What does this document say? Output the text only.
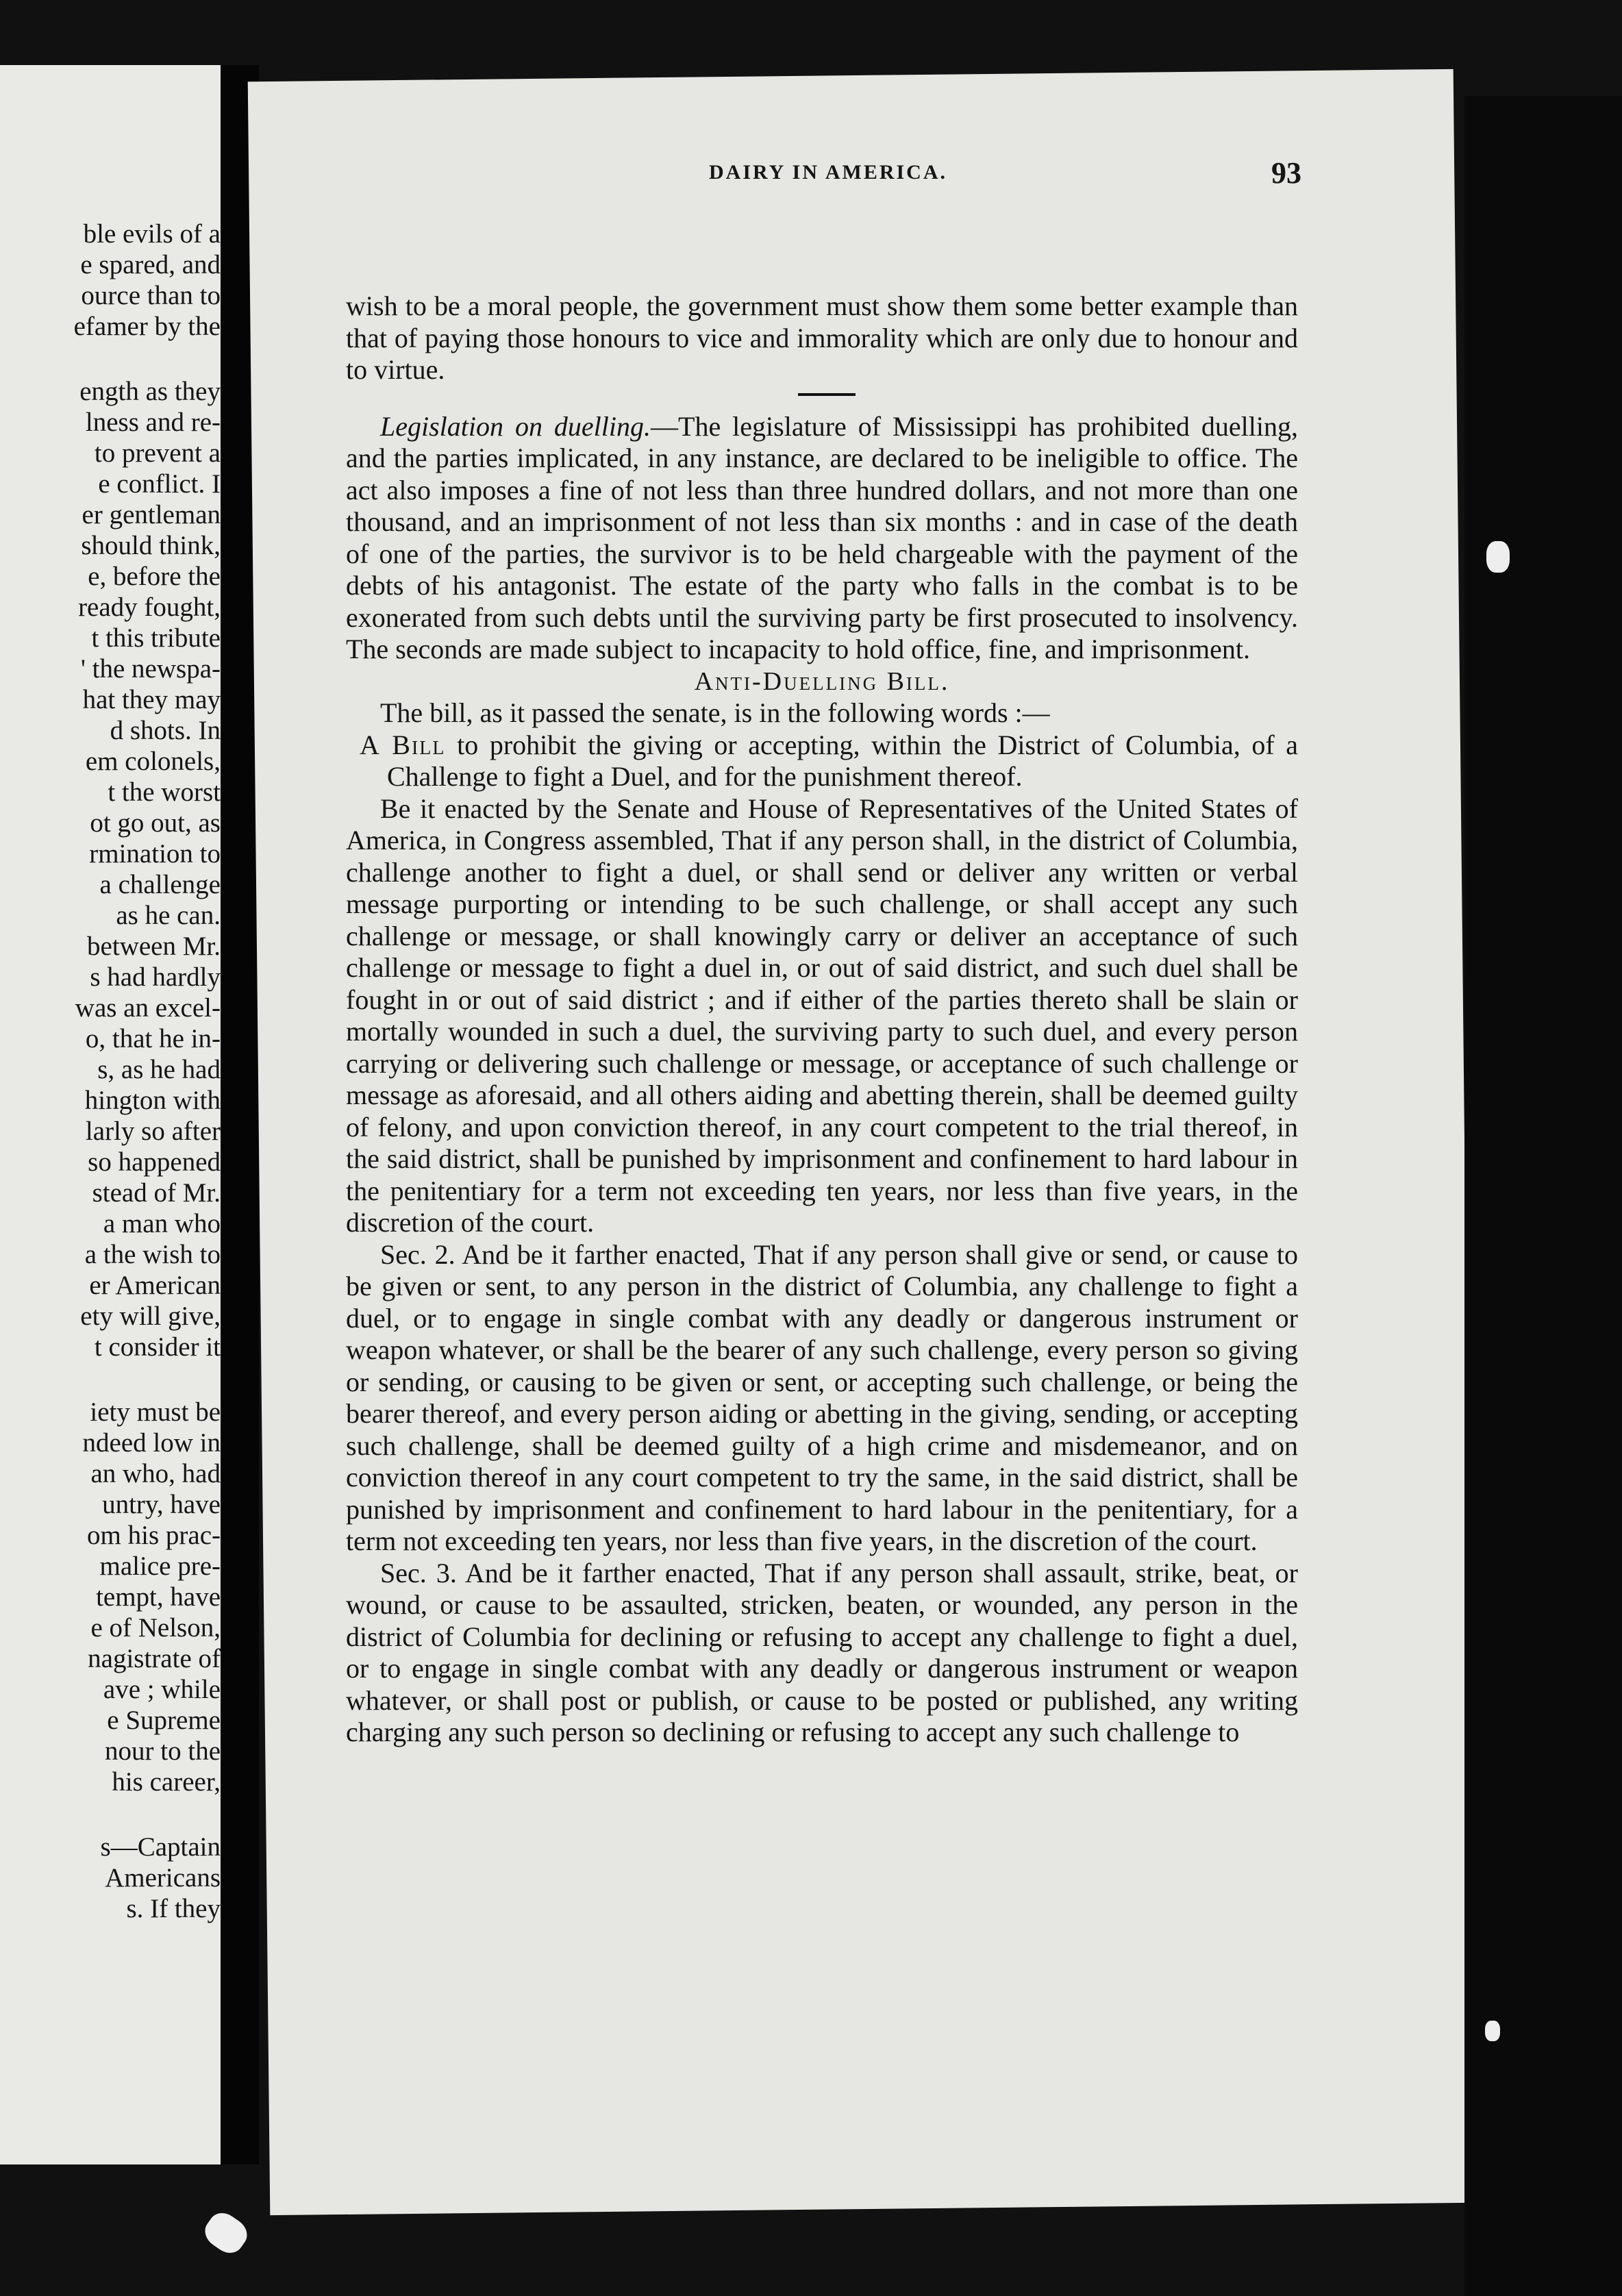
ble evils of a
e spared, and
ource than to
efamer by the
ength as they
lness and re-
to prevent a
e conflict. I
er gentleman
should think,
e, before the
ready fought,
t this tribute
' the newspa-
hat they may
d shots. In
em colonels,
t the worst
ot go out, as
rmination to
a challenge
as he can.
between Mr.
s had hardly
was an excel-
o, that he in-
s, as he had
hington with
larly so after
so happened
stead of Mr.
a man who
a the wish to
er American
ety will give,
t consider it
iety must be
ndeed low in
an who, had
untry, have
om his prac-
malice pre-
tempt, have
e of Nelson,
nagistrate of
ave ; while
e Supreme
nour to the
his career,
s—Captain
Americans
s. If they
DAIRY IN AMERICA.	93

wish to be a moral people, the government must show them some better example than that of paying those honours to vice and immorality which are only due to honour and to virtue.

Legislation on duelling.—The legislature of Mississippi has prohibited duelling, and the parties implicated, in any instance, are declared to be ineligible to office. The act also imposes a fine of not less than three hundred dollars, and not more than one thousand, and an imprisonment of not less than six months : and in case of the death of one of the parties, the survivor is to be held chargeable with the payment of the debts of his antagonist. The estate of the party who falls in the combat is to be exonerated from such debts until the surviving party be first prosecuted to insolvency. The seconds are made subject to incapacity to hold office, fine, and imprisonment.

Anti-Duelling Bill.

The bill, as it passed the senate, is in the following words :—

A Bill to prohibit the giving or accepting, within the District of Columbia, of a Challenge to fight a Duel, and for the punishment thereof.

Be it enacted by the Senate and House of Representatives of the United States of America, in Congress assembled, That if any person shall, in the district of Columbia, challenge another to fight a duel, or shall send or deliver any written or verbal message purporting or intending to be such challenge, or shall accept any such challenge or message, or shall knowingly carry or deliver an acceptance of such challenge or message to fight a duel in, or out of said district, and such duel shall be fought in or out of said district ; and if either of the parties thereto shall be slain or mortally wounded in such a duel, the surviving party to such duel, and every person carrying or delivering such challenge or message, or acceptance of such challenge or message as aforesaid, and all others aiding and abetting therein, shall be deemed guilty of felony, and upon conviction thereof, in any court competent to the trial thereof, in the said district, shall be punished by imprisonment and confinement to hard labour in the penitentiary for a term not exceeding ten years, nor less than five years, in the discretion of the court.

Sec. 2. And be it farther enacted, That if any person shall give or send, or cause to be given or sent, to any person in the district of Columbia, any challenge to fight a duel, or to engage in single combat with any deadly or dangerous instrument or weapon whatever, or shall be the bearer of any such challenge, every person so giving or sending, or causing to be given or sent, or accepting such challenge, or being the bearer thereof, and every person aiding or abetting in the giving, sending, or accepting such challenge, shall be deemed guilty of a high crime and misdemeanor, and on conviction thereof in any court competent to try the same, in the said district, shall be punished by imprisonment and confinement to hard labour in the penitentiary, for a term not exceeding ten years, nor less than five years, in the discretion of the court.

Sec. 3. And be it farther enacted, That if any person shall assault, strike, beat, or wound, or cause to be assaulted, stricken, beaten, or wounded, any person in the district of Columbia for declining or refusing to accept any challenge to fight a duel, or to engage in single combat with any deadly or dangerous instrument or weapon whatever, or shall post or publish, or cause to be posted or published, any writing charging any such person so declining or refusing to accept any such challenge to
